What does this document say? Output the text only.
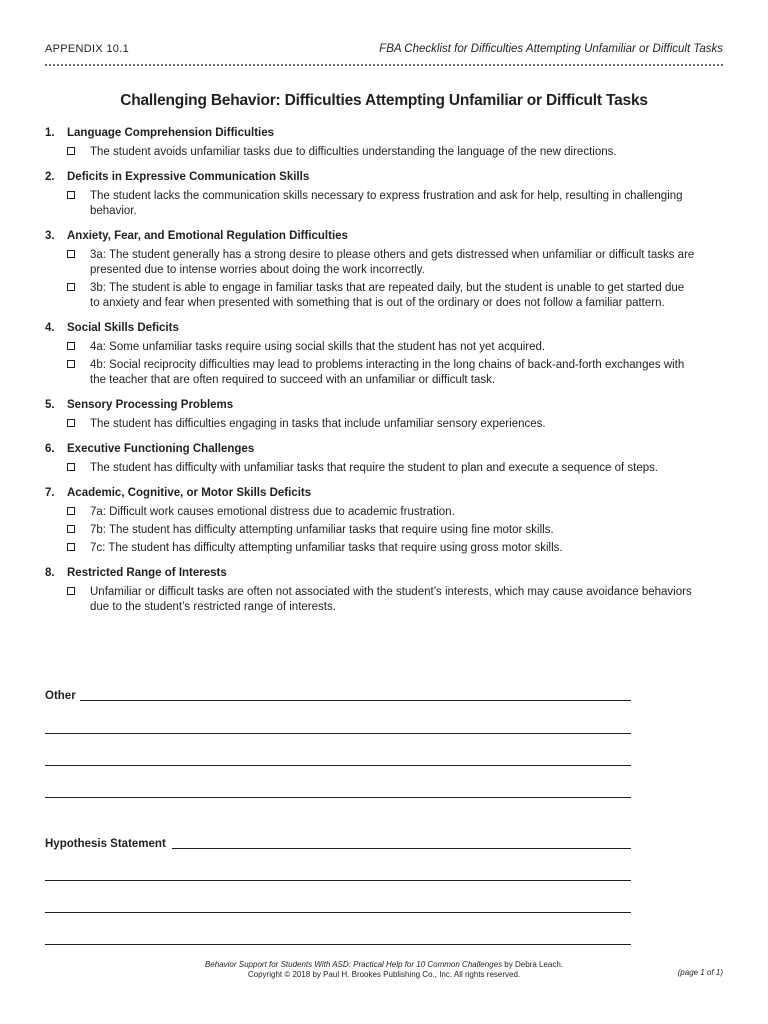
APPENDIX 10.1	FBA Checklist for Difficulties Attempting Unfamiliar or Difficult Tasks
Challenging Behavior: Difficulties Attempting Unfamiliar or Difficult Tasks
1. Language Comprehension Difficulties
The student avoids unfamiliar tasks due to difficulties understanding the language of the new directions.
2. Deficits in Expressive Communication Skills
The student lacks the communication skills necessary to express frustration and ask for help, resulting in challenging behavior.
3. Anxiety, Fear, and Emotional Regulation Difficulties
3a: The student generally has a strong desire to please others and gets distressed when unfamiliar or difficult tasks are presented due to intense worries about doing the work incorrectly.
3b: The student is able to engage in familiar tasks that are repeated daily, but the student is unable to get started due to anxiety and fear when presented with something that is out of the ordinary or does not follow a familiar pattern.
4. Social Skills Deficits
4a: Some unfamiliar tasks require using social skills that the student has not yet acquired.
4b: Social reciprocity difficulties may lead to problems interacting in the long chains of back-and-forth exchanges with the teacher that are often required to succeed with an unfamiliar or difficult task.
5. Sensory Processing Problems
The student has difficulties engaging in tasks that include unfamiliar sensory experiences.
6. Executive Functioning Challenges
The student has difficulty with unfamiliar tasks that require the student to plan and execute a sequence of steps.
7. Academic, Cognitive, or Motor Skills Deficits
7a: Difficult work causes emotional distress due to academic frustration.
7b: The student has difficulty attempting unfamiliar tasks that require using fine motor skills.
7c: The student has difficulty attempting unfamiliar tasks that require using gross motor skills.
8. Restricted Range of Interests
Unfamiliar or difficult tasks are often not associated with the student’s interests, which may cause avoidance behaviors due to the student’s restricted range of interests.
Other
Hypothesis Statement
Behavior Support for Students With ASD: Practical Help for 10 Common Challenges by Debra Leach.
Copyright © 2018 by Paul H. Brookes Publishing Co., Inc. All rights reserved.	(page 1 of 1)
